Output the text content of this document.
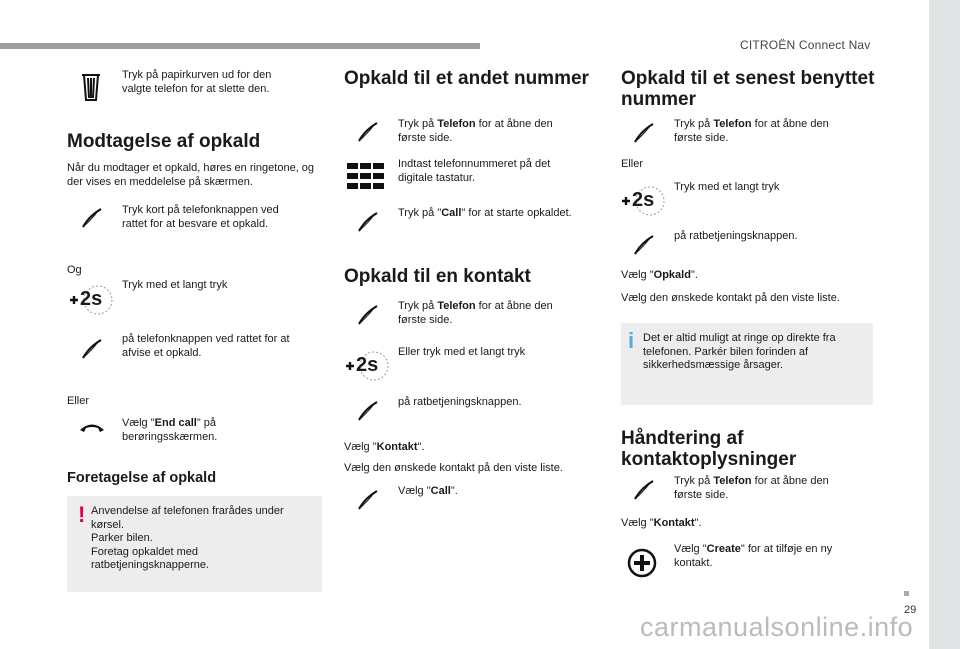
CITROËN Connect Nav
29
carmanualsonline.info
Tryk på papirkurven ud for den valgte telefon for at slette den.
Modtagelse af opkald
Når du modtager et opkald, høres en ringetone, og der vises en meddelelse på skærmen.
Tryk kort på telefonknappen ved rattet for at besvare et opkald.
Og
2s
Tryk med et langt tryk
på telefonknappen ved rattet for at afvise et opkald.
Eller
Vælg "End call" på berøringsskærmen.
Foretagelse af opkald
! Anvendelse af telefonen frarådes under kørsel.
Parker bilen.
Foretag opkaldet med ratbetjeningsknapperne.
Opkald til et andet nummer
Tryk på Telefon for at åbne den første side.
Indtast telefonnummeret på det digitale tastatur.
Tryk på "Call" for at starte opkaldet.
Opkald til en kontakt
Tryk på Telefon for at åbne den første side.
2s
Eller tryk med et langt tryk
på ratbetjeningsknappen.
Vælg "Kontakt".
Vælg den ønskede kontakt på den viste liste.
Vælg "Call".
Opkald til et senest benyttet
nummer
Tryk på Telefon for at åbne den første side.
Eller
2s
Tryk med et langt tryk
på ratbetjeningsknappen.
Vælg "Opkald".
Vælg den ønskede kontakt på den viste liste.
i Det er altid muligt at ringe op direkte fra telefonen. Parkér bilen forinden af sikkerhedsmæssige årsager.
Håndtering af
kontaktoplysninger
Tryk på Telefon for at åbne den første side.
Vælg "Kontakt".
Vælg "Create" for at tilføje en ny kontakt.
